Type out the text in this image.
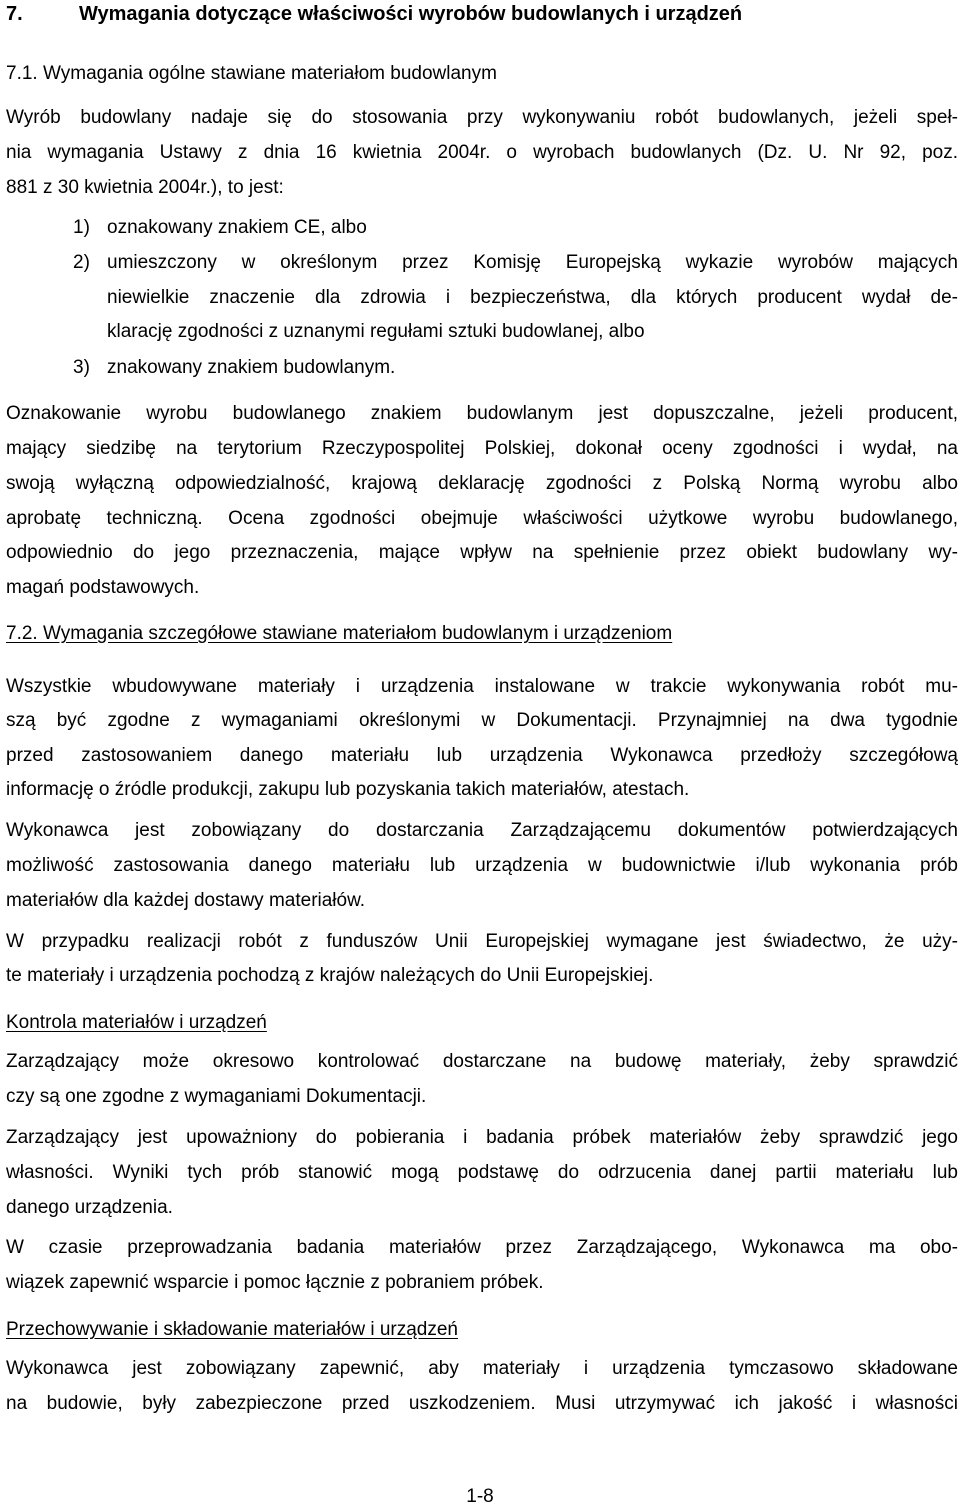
7.	Wymagania dotyczące właściwości wyrobów budowlanych i urządzeń
7.1. Wymagania ogólne stawiane materiałom budowlanym
Wyrób budowlany nadaje się do stosowania przy wykonywaniu robót budowlanych, jeżeli speł-
nia wymagania Ustawy z dnia 16 kwietnia 2004r. o wyrobach budowlanych (Dz. U. Nr 92, poz.
881 z 30 kwietnia 2004r.), to jest:
1) oznakowany znakiem CE, albo
2) umieszczony w określonym przez Komisję Europejską wykazie wyrobów mających
niewielkie znaczenie dla zdrowia i bezpieczeństwa, dla których producent wydał de-
klarację zgodności z uznanymi regułami sztuki budowlanej, albo
3) znakowany znakiem budowlanym.
Oznakowanie wyrobu budowlanego znakiem budowlanym jest dopuszczalne, jeżeli producent,
mający siedzibę na terytorium Rzeczypospolitej Polskiej, dokonał oceny zgodności i wydał, na
swoją wyłączną odpowiedzialność, krajową deklarację zgodności z Polską Normą wyrobu albo
aprobatę techniczną. Ocena zgodności obejmuje właściwości użytkowe wyrobu budowlanego,
odpowiednio do jego przeznaczenia, mające wpływ na spełnienie przez obiekt budowlany wy-
magań podstawowych.
7.2. Wymagania szczegółowe stawiane materiałom budowlanym i urządzeniom
Wszystkie wbudowywane materiały i urządzenia instalowane w trakcie wykonywania robót mu-
szą być zgodne z wymaganiami określonymi w Dokumentacji. Przynajmniej na dwa tygodnie
przed zastosowaniem danego materiału lub urządzenia Wykonawca przedłoży szczegółową
informację o źródle produkcji, zakupu lub pozyskania takich materiałów, atestach.
Wykonawca jest zobowiązany do dostarczania Zarządzającemu dokumentów potwierdzających
możliwość zastosowania danego materiału lub urządzenia w budownictwie i/lub wykonania prób
materiałów dla każdej dostawy materiałów.
W przypadku realizacji robót z funduszów Unii Europejskiej wymagane jest świadectwo, że uży-
te materiały i urządzenia pochodzą z krajów należących do Unii Europejskiej.
Kontrola materiałów i urządzeń
Zarządzający może okresowo kontrolować dostarczane na budowę materiały, żeby sprawdzić
czy są one zgodne z wymaganiami Dokumentacji.
Zarządzający jest upoważniony do pobierania i badania próbek materiałów żeby sprawdzić jego
własności. Wyniki tych prób stanowić mogą podstawę do odrzucenia danej partii materiału lub
danego urządzenia.
W czasie przeprowadzania badania materiałów przez Zarządzającego, Wykonawca ma obo-
wiązek zapewnić wsparcie i pomoc łącznie z pobraniem próbek.
Przechowywanie i składowanie materiałów i urządzeń
Wykonawca jest zobowiązany zapewnić, aby materiały i urządzenia tymczasowo składowane
na budowie, były zabezpieczone przed uszkodzeniem. Musi utrzymywać ich jakość i własności
1-8
